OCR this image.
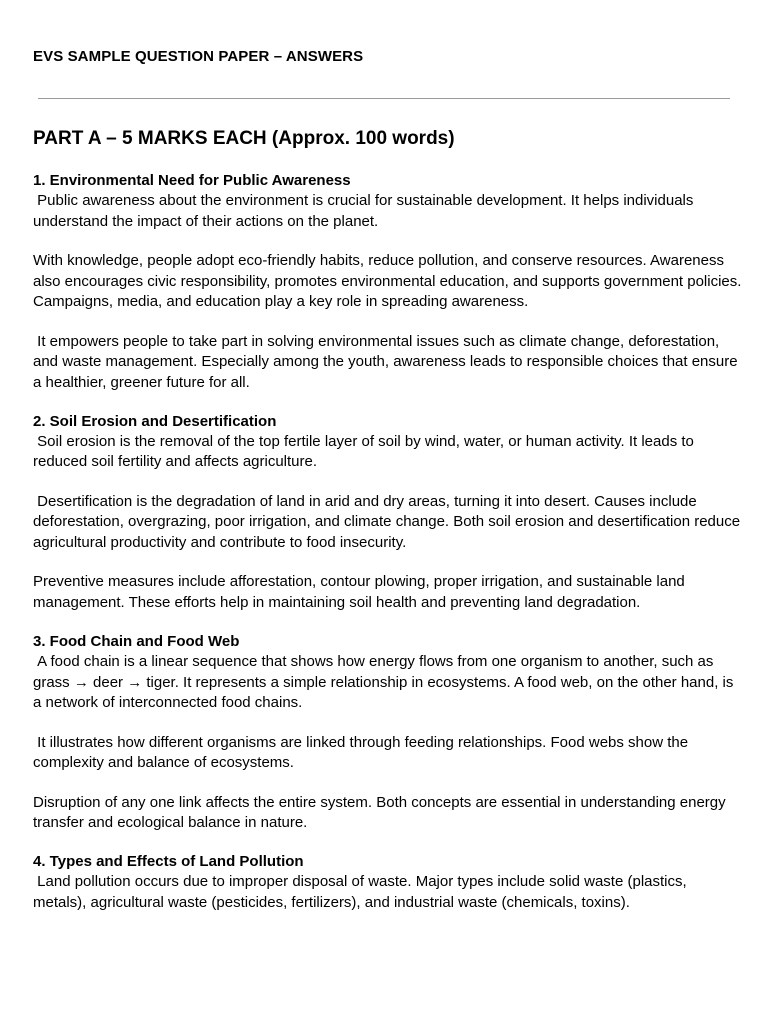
EVS SAMPLE QUESTION PAPER – ANSWERS
PART A – 5 MARKS EACH (Approx. 100 words)
1. Environmental Need for Public Awareness

Public awareness about the environment is crucial for sustainable development. It helps individuals understand the impact of their actions on the planet.

With knowledge, people adopt eco-friendly habits, reduce pollution, and conserve resources. Awareness also encourages civic responsibility, promotes environmental education, and supports government policies. Campaigns, media, and education play a key role in spreading awareness.

It empowers people to take part in solving environmental issues such as climate change, deforestation, and waste management. Especially among the youth, awareness leads to responsible choices that ensure a healthier, greener future for all.

2. Soil Erosion and Desertification

Soil erosion is the removal of the top fertile layer of soil by wind, water, or human activity. It leads to reduced soil fertility and affects agriculture.

Desertification is the degradation of land in arid and dry areas, turning it into desert. Causes include deforestation, overgrazing, poor irrigation, and climate change. Both soil erosion and desertification reduce agricultural productivity and contribute to food insecurity.

Preventive measures include afforestation, contour plowing, proper irrigation, and sustainable land management. These efforts help in maintaining soil health and preventing land degradation.

3. Food Chain and Food Web

A food chain is a linear sequence that shows how energy flows from one organism to another, such as grass → deer → tiger. It represents a simple relationship in ecosystems. A food web, on the other hand, is a network of interconnected food chains.

It illustrates how different organisms are linked through feeding relationships. Food webs show the complexity and balance of ecosystems.

Disruption of any one link affects the entire system. Both concepts are essential in understanding energy transfer and ecological balance in nature.

4. Types and Effects of Land Pollution

Land pollution occurs due to improper disposal of waste. Major types include solid waste (plastics, metals), agricultural waste (pesticides, fertilizers), and industrial waste (chemicals, toxins).
